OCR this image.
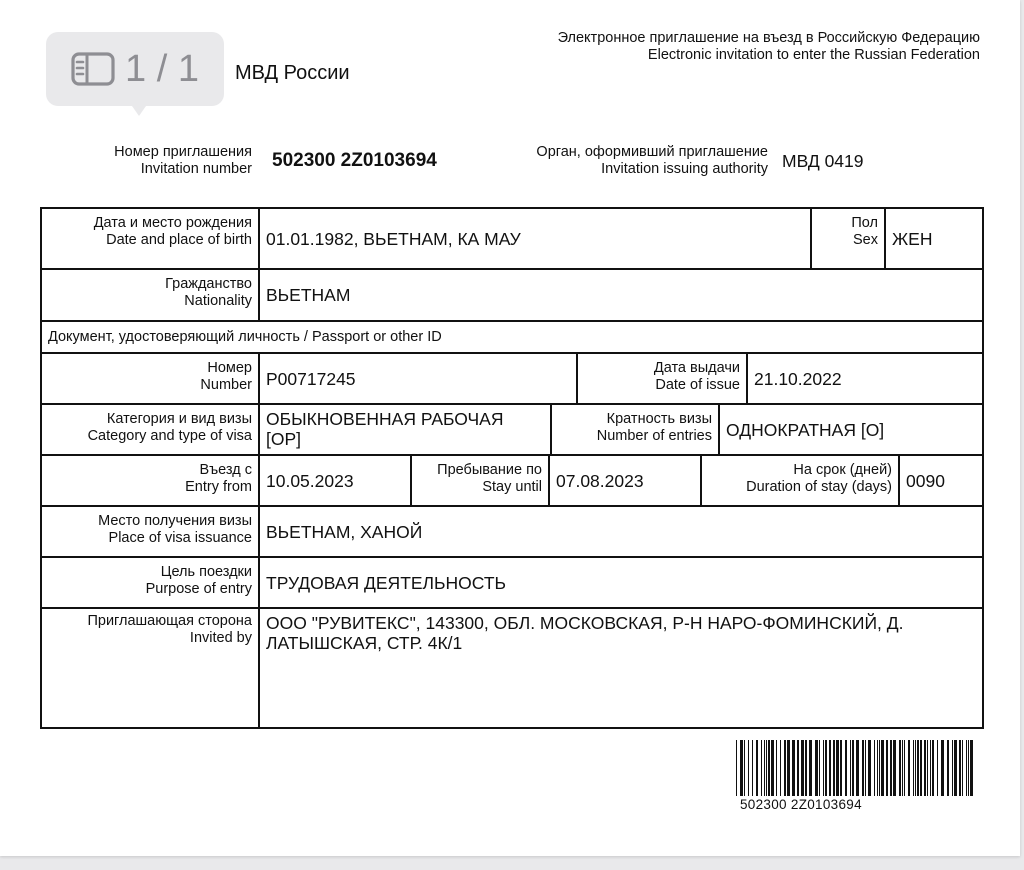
МВД России
Электронное приглашение на въезд в Российскую Федерацию
Electronic invitation to enter the Russian Federation
Номер приглашения
Invitation number 502300 2Z0103694	Орган, оформивший приглашение
Invitation issuing authority МВД 0419
Дата и место рождения
Date and place of birth 01.01.1982, ВЬЕТНАМ, КА МАУ
Пол
Sex ЖЕН
Гражданство
Nationality ВЬЕТНАМ
Документ, удостоверяющий личность / Passport or other ID
Номер
Number P00717245
Дата выдачи
Date of issue 21.10.2022
Категория и вид визы
Category and type of visa
ОБЫКНОВЕННАЯ РАБОЧАЯ
[ОР]
Кратность визы
Number of entries ОДНОКРАТНАЯ [О]
Въезд с
Entry from 10.05.2023
Пребывание по
Stay until 07.08.2023
На срок (дней)
Duration of stay (days) 0090
Место получения визы
Place of visa issuance ВЬЕТНАМ, ХАНОЙ
Цель поездки
Purpose of entry ТРУДОВАЯ ДЕЯТЕЛЬНОСТЬ
Приглашающая сторона
Invited by
ООО "РУВИТЕКС", 143300, ОБЛ. МОСКОВСКАЯ, Р-Н НАРО-ФОМИНСКИЙ, Д.
ЛАТЫШСКАЯ, СТР. 4К/1
502300 2Z0103694
1 / 1
